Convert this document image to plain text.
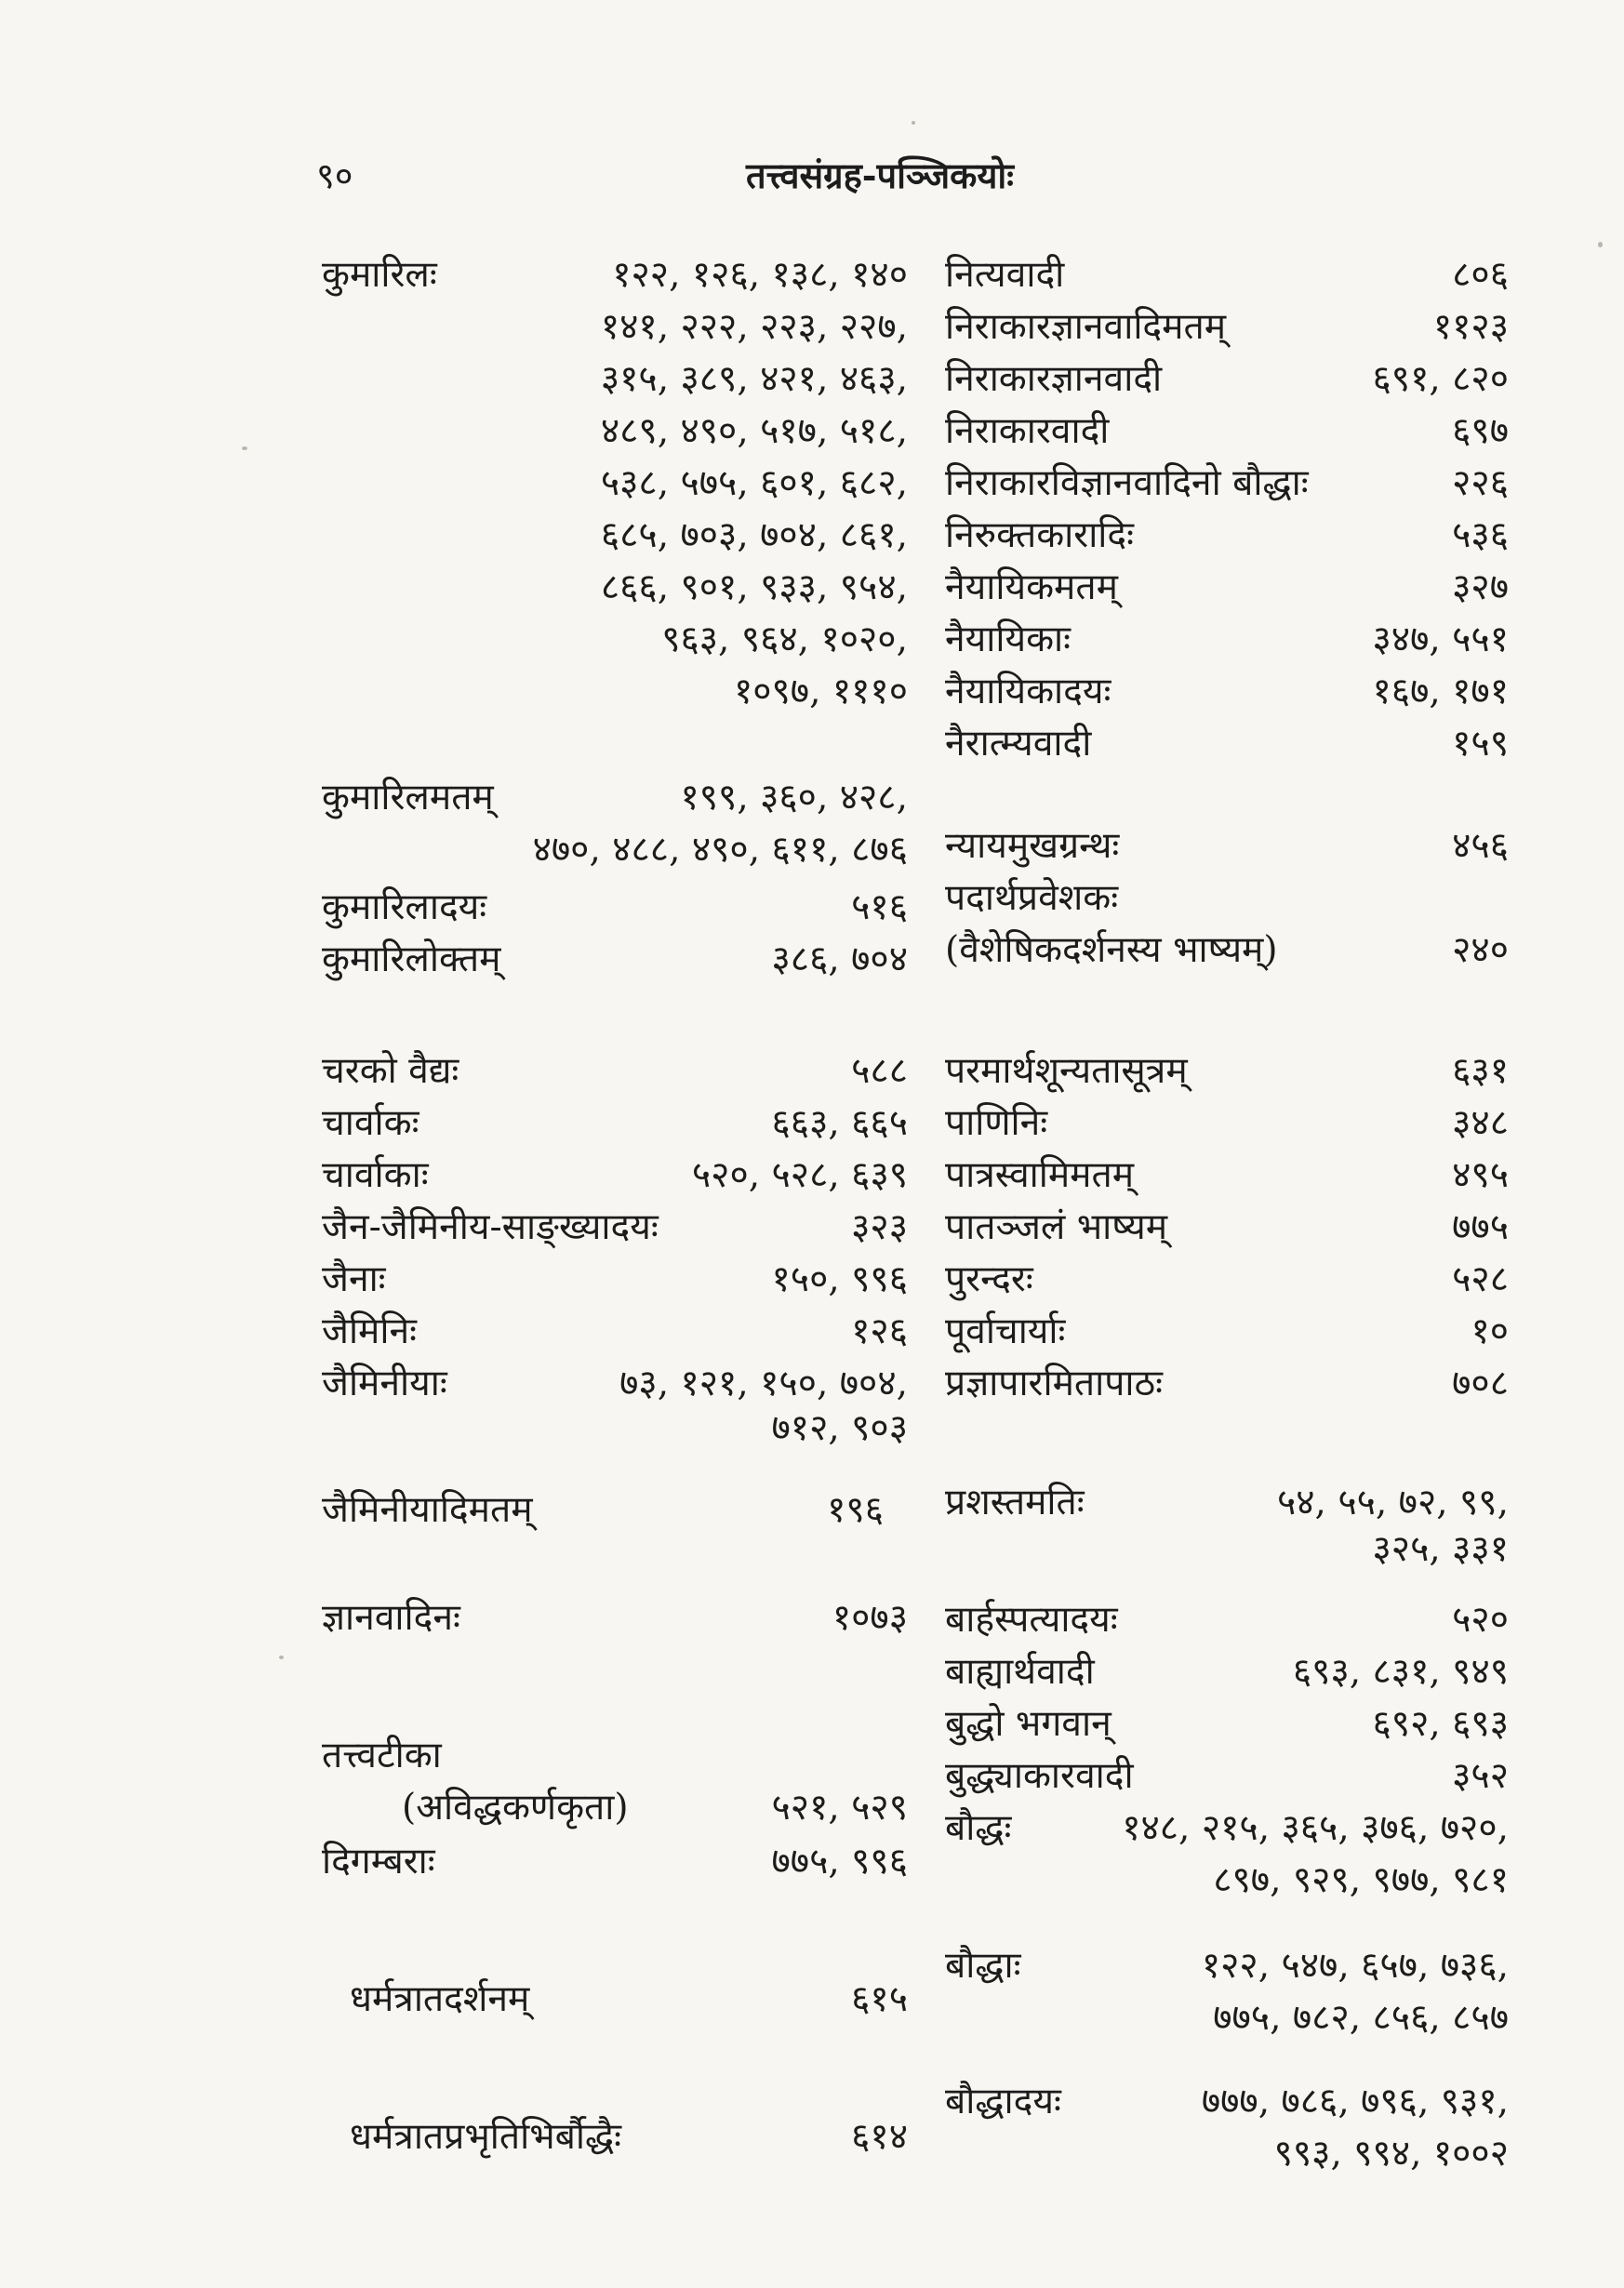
९०	तत्त्वसंग्रह-पञ्जिकयोः
कुमारिलः	१२२, १२६, १३८, १४०
१४१, २२२, २२३, २२७,
३१५, ३८९, ४२१, ४६३,
४८९, ४९०, ५१७, ५१८,
५३८, ५७५, ६०१, ६८२,
६८५, ७०३, ७०४, ८६१,
८६६, ९०१, ९३३, ९५४,
९६३, ९६४, १०२०,
१०९७, १११०
कुमारिलमतम्	१९९, ३६०, ४२८,
४७०, ४८८, ४९०, ६११, ८७६
कुमारिलादयः	५१६
कुमारिलोक्तम्	३८६, ७०४
चरको वैद्यः	५८८
चार्वाकः	६६३, ६६५
चार्वाकाः	५२०, ५२८, ६३९
जैन-जैमिनीय-साङ्ख्यादयः	३२३
जैनाः	१५०, ९९६
जैमिनिः	१२६
जैमिनीयाः	७३, १२१, १५०, ७०४,
७१२, ९०३
जैमिनीयादिमतम्	१९६
ज्ञानवादिनः	१०७३
तत्त्वटीका
(अविद्धकर्णकृता)	५२१, ५२९
दिगम्बराः	७७५, ९९६
धर्मत्रातदर्शनम्	६१५
धर्मत्रातप्रभृतिभिर्बौद्धैः	६१४
नित्यवादी	८०६
निराकारज्ञानवादिमतम्	११२३
निराकारज्ञानवादी	६९१, ८२०
निराकारवादी	६९७
निराकारविज्ञानवादिनो बौद्धाः	२२६
निरुक्तकारादिः	५३६
नैयायिकमतम्	३२७
नैयायिकाः	३४७, ५५१
नैयायिकादयः	१६७, १७१
नैरात्म्यवादी	१५९
न्यायमुखग्रन्थः	४५६
पदार्थप्रवेशकः
(वैशेषिकदर्शनस्य भाष्यम्)	२४०
परमार्थशून्यतासूत्रम्	६३१
पाणिनिः	३४८
पात्रस्वामिमतम्	४९५
पातञ्जलं भाष्यम्	७७५
पुरन्दरः	५२८
पूर्वाचार्याः	१०
प्रज्ञापारमितापाठः	७०८
प्रशस्तमतिः	५४, ५५, ७२, ९९,
३२५, ३३१
बार्हस्पत्यादयः	५२०
बाह्यार्थवादी	६९३, ८३१, ९४९
बुद्धो भगवान्	६९२, ६९३
बुद्ध्याकारवादी	३५२
बौद्धः	१४८, २१५, ३६५, ३७६, ७२०,
८९७, ९२९, ९७७, ९८१
बौद्धाः	१२२, ५४७, ६५७, ७३६,
७७५, ७८२, ८५६, ८५७
बौद्धादयः	७७७, ७८६, ७९६, ९३१,
९९३, ९९४, १००२
